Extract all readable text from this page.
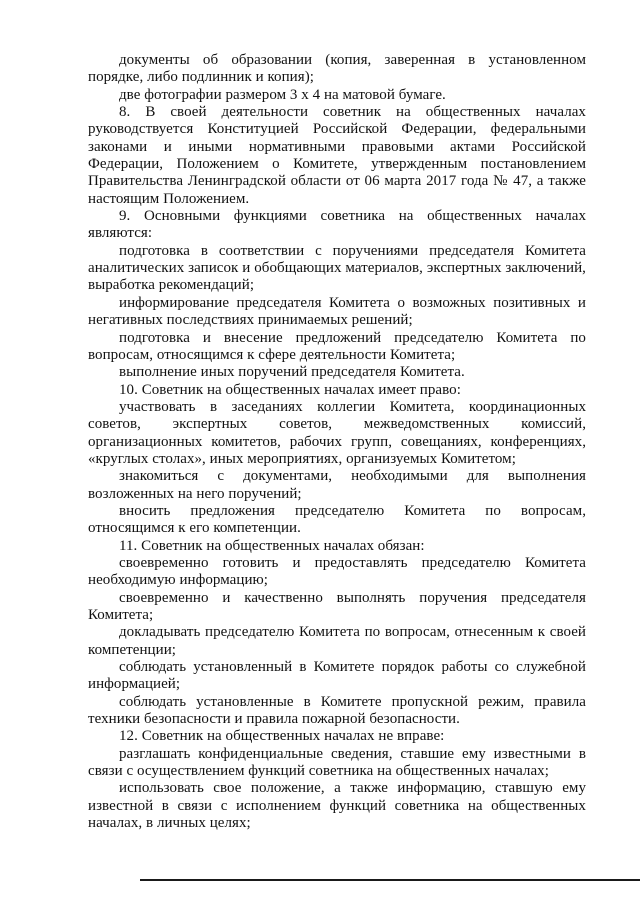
документы об образовании (копия, заверенная в установленном порядке, либо подлинник и копия);

две фотографии размером 3 х 4 на матовой бумаге.

8. В своей деятельности советник на общественных началах руководствуется Конституцией Российской Федерации, федеральными законами и иными нормативными правовыми актами Российской Федерации, Положением о Комитете, утвержденным постановлением Правительства Ленинградской области от 06 марта 2017 года № 47, а также настоящим Положением.

9. Основными функциями советника на общественных началах являются:

подготовка в соответствии с поручениями председателя Комитета аналитических записок и обобщающих материалов, экспертных заключений, выработка рекомендаций;

информирование председателя Комитета о возможных позитивных и негативных последствиях принимаемых решений;

подготовка и внесение предложений председателю Комитета по вопросам, относящимся к сфере деятельности Комитета;

выполнение иных поручений председателя Комитета.

10. Советник на общественных началах имеет право:

участвовать в заседаниях коллегии Комитета, координационных советов, экспертных советов, межведомственных комиссий, организационных комитетов, рабочих групп, совещаниях, конференциях, «круглых столах», иных мероприятиях, организуемых Комитетом;

знакомиться с документами, необходимыми для выполнения возложенных на него поручений;

вносить предложения председателю Комитета по вопросам, относящимся к его компетенции.

11. Советник на общественных началах обязан:

своевременно готовить и предоставлять председателю Комитета необходимую информацию;

своевременно и качественно выполнять поручения председателя Комитета;

докладывать председателю Комитета по вопросам, отнесенным к своей компетенции;

соблюдать установленный в Комитете порядок работы со служебной информацией;

соблюдать установленные в Комитете пропускной режим, правила техники безопасности и правила пожарной безопасности.

12. Советник на общественных началах не вправе:

разглашать конфиденциальные сведения, ставшие ему известными в связи с осуществлением функций советника на общественных началах;

использовать свое положение, а также информацию, ставшую ему известной в связи с исполнением функций советника на общественных началах, в личных целях;
